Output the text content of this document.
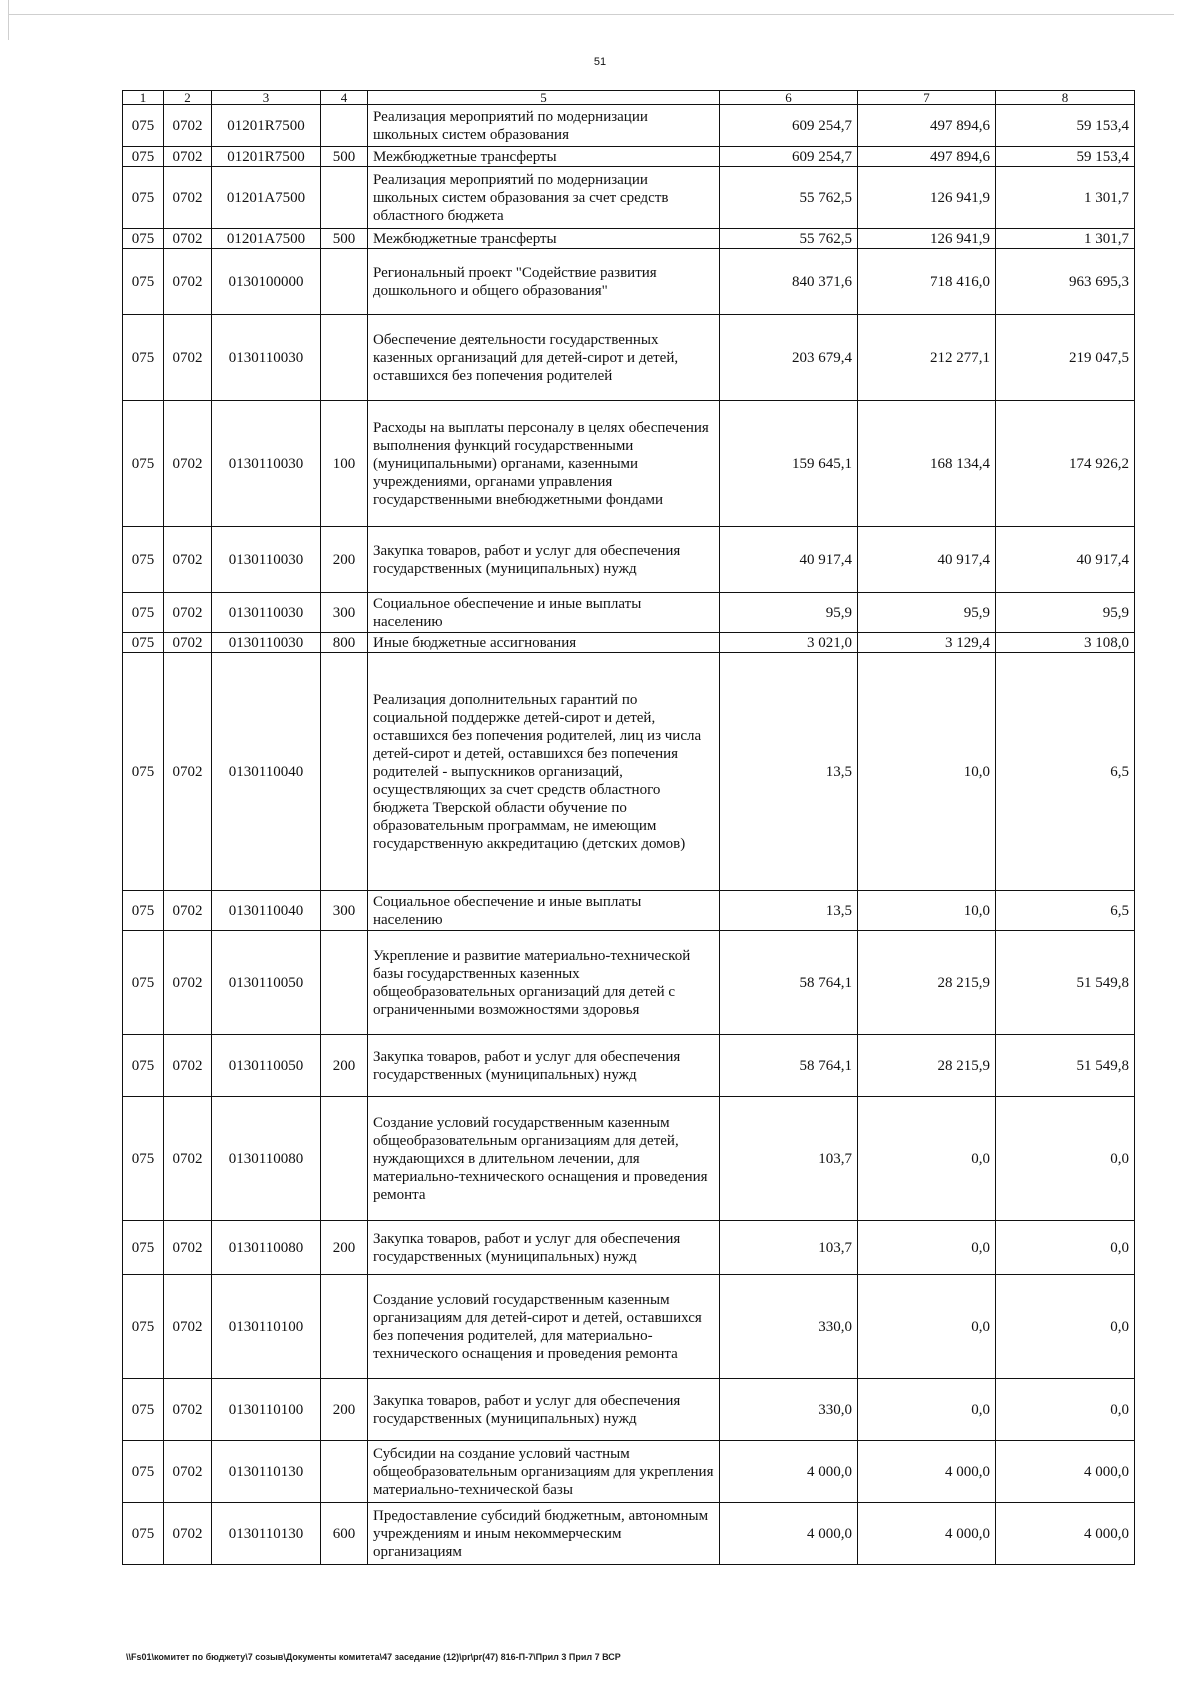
51
1	2	3	4	5	6	7	8
075	0702	01201R7500		Реализация мероприятий по модернизации школьных систем образования	609 254,7	497 894,6	59 153,4
075	0702	01201R7500	500	Межбюджетные трансферты	609 254,7	497 894,6	59 153,4
075	0702	01201A7500		Реализация мероприятий по модернизации школьных систем образования за счет средств областного бюджета	55 762,5	126 941,9	1 301,7
075	0702	01201A7500	500	Межбюджетные трансферты	55 762,5	126 941,9	1 301,7
075	0702	0130100000		Региональный проект "Содействие развития дошкольного и общего образования"	840 371,6	718 416,0	963 695,3
075	0702	0130110030		Обеспечение деятельности государственных казенных организаций для детей-сирот и детей, оставшихся без попечения родителей	203 679,4	212 277,1	219 047,5
075	0702	0130110030	100	Расходы на выплаты персоналу в целях обеспечения выполнения функций государственными (муниципальными) органами, казенными учреждениями, органами управления государственными внебюджетными фондами	159 645,1	168 134,4	174 926,2
075	0702	0130110030	200	Закупка товаров, работ и услуг для обеспечения государственных (муниципальных) нужд	40 917,4	40 917,4	40 917,4
075	0702	0130110030	300	Социальное обеспечение и иные выплаты населению	95,9	95,9	95,9
075	0702	0130110030	800	Иные бюджетные ассигнования	3 021,0	3 129,4	3 108,0
075	0702	0130110040		Реализация дополнительных гарантий по социальной поддержке детей-сирот и детей, оставшихся без попечения родителей, лиц из числа детей-сирот и детей, оставшихся без попечения родителей - выпускников организаций, осуществляющих за счет средств областного бюджета Тверской области обучение по образовательным программам, не имеющим государственную аккредитацию (детских домов)	13,5	10,0	6,5
075	0702	0130110040	300	Социальное обеспечение и иные выплаты населению	13,5	10,0	6,5
075	0702	0130110050		Укрепление и развитие материально-технической базы государственных казенных общеобразовательных организаций для детей с ограниченными возможностями здоровья	58 764,1	28 215,9	51 549,8
075	0702	0130110050	200	Закупка товаров, работ и услуг для обеспечения государственных (муниципальных) нужд	58 764,1	28 215,9	51 549,8
075	0702	0130110080		Создание условий государственным казенным общеобразовательным организациям для детей, нуждающихся в длительном лечении, для материально-технического оснащения и проведения ремонта	103,7	0,0	0,0
075	0702	0130110080	200	Закупка товаров, работ и услуг для обеспечения государственных (муниципальных) нужд	103,7	0,0	0,0
075	0702	0130110100		Создание условий государственным казенным организациям для детей-сирот и детей, оставшихся без попечения родителей, для материально-технического оснащения и проведения ремонта	330,0	0,0	0,0
075	0702	0130110100	200	Закупка товаров, работ и услуг для обеспечения государственных (муниципальных) нужд	330,0	0,0	0,0
075	0702	0130110130		Субсидии на создание условий частным общеобразовательным организациям для укрепления материально-технической базы	4 000,0	4 000,0	4 000,0
075	0702	0130110130	600	Предоставление субсидий бюджетным, автономным учреждениям и иным некоммерческим организациям	4 000,0	4 000,0	4 000,0
\\Fs01\комитет по бюджету\7 созыв\Документы комитета\47 заседание (12)\pr\pr(47) 816-П-7\Прил 3 Прил 7 ВСР
